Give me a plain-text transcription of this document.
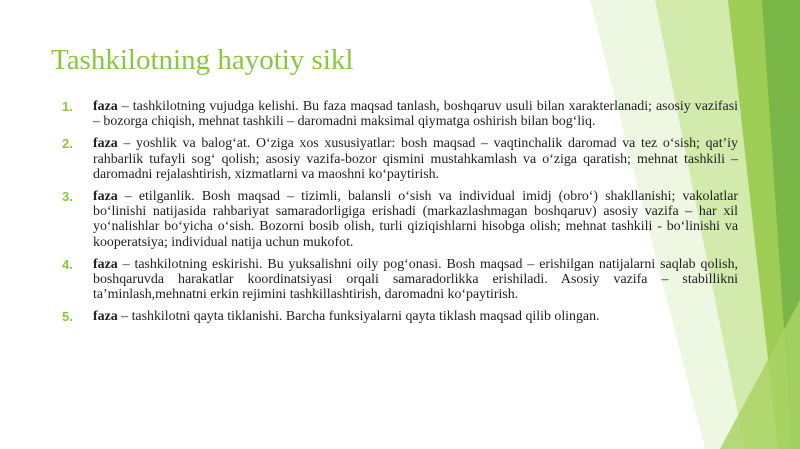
Tashkilotning hayotiy sikl
1. faza – tashkilotning vujudga kelishi. Bu faza maqsad tanlash, boshqaruv usuli bilan xarakterlanadi; asosiy vazifasi – bozorga chiqish, mehnat tashkili – daromadni maksimal qiymatga oshirish bilan bog‘liq.
2. faza – yoshlik va balog‘at. O‘ziga xos xususiyatlar: bosh maqsad – vaqtinchalik daromad va tez o‘sish; qat’iy rahbarlik tufayli sog‘ qolish; asosiy vazifa-bozor qismini mustahkamlash va o‘ziga qaratish; mehnat tashkili – daromadni rejalashtirish, xizmatlarni va maoshni ko‘paytirish.
3. faza – etilganlik. Bosh maqsad – tizimli, balansli o‘sish va individual imidj (obro‘) shakllanishi; vakolatlar bo‘linishi natijasida rahbariyat samaradorligiga erishadi (markazlashmagan boshqaruv) asosiy vazifa – har xil yo‘nalishlar bo‘yicha o‘sish. Bozorni bosib olish, turli qiziqishlarni hisobga olish; mehnat tashkili - bo‘linishi va kooperatsiya; individual natija uchun mukofot.
4. faza – tashkilotning eskirishi. Bu yuksalishni oily pog‘onasi. Bosh maqsad – erishilgan natijalarni saqlab qolish, boshqaruvda harakatlar koordinatsiyasi orqali samaradorlikka erishiladi. Asosiy vazifa – stabillikni ta’minlash,mehnatni erkin rejimini tashkillashtirish, daromadni ko‘paytirish.
5. faza – tashkilotni qayta tiklanishi. Barcha funksiyalarni qayta tiklash maqsad qilib olingan.
